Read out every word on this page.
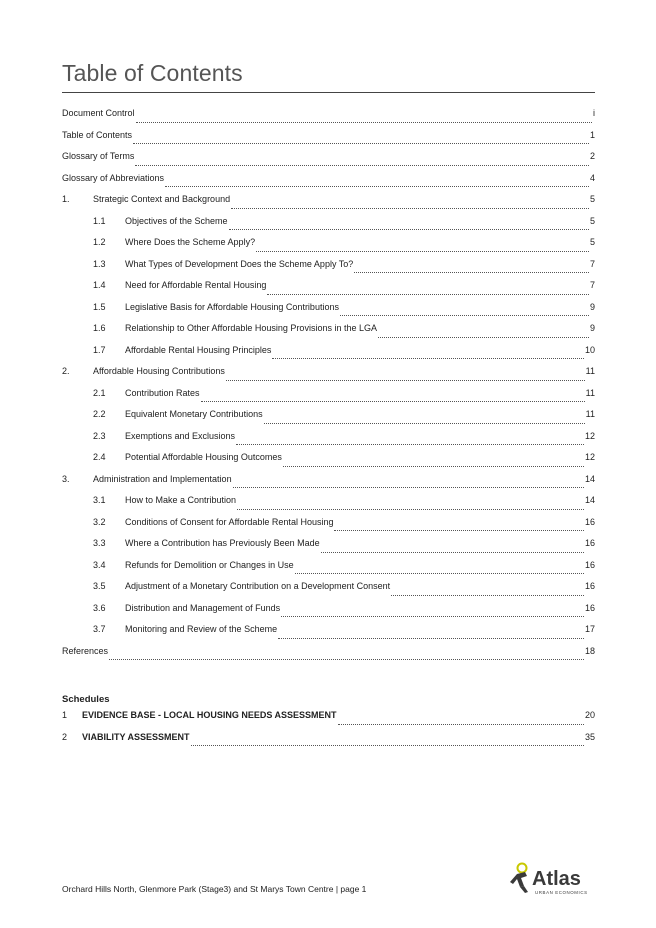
Table of Contents
Document Control	i
Table of Contents	1
Glossary of Terms	2
Glossary of Abbreviations	4
1.	Strategic Context and Background	5
1.1	Objectives of the Scheme	5
1.2	Where Does the Scheme Apply?	5
1.3	What Types of Development Does the Scheme Apply To?	7
1.4	Need for Affordable Rental Housing	7
1.5	Legislative Basis for Affordable Housing Contributions	9
1.6	Relationship to Other Affordable Housing Provisions in the LGA	9
1.7	Affordable Rental Housing Principles	10
2.	Affordable Housing Contributions	11
2.1	Contribution Rates	11
2.2	Equivalent Monetary Contributions	11
2.3	Exemptions and Exclusions	12
2.4	Potential Affordable Housing Outcomes	12
3.	Administration and Implementation	14
3.1	How to Make a Contribution	14
3.2	Conditions of Consent for Affordable Rental Housing	16
3.3	Where a Contribution has Previously Been Made	16
3.4	Refunds for Demolition or Changes in Use	16
3.5	Adjustment of a Monetary Contribution on a Development Consent	16
3.6	Distribution and Management of Funds	16
3.7	Monitoring and Review of the Scheme	17
References	18
Schedules
1	EVIDENCE BASE - LOCAL HOUSING NEEDS ASSESSMENT	20
2	VIABILITY ASSESSMENT	35
Orchard Hills North, Glenmore Park (Stage3) and St Marys Town Centre | page 1	Atlas
URBAN ECONOMICS
